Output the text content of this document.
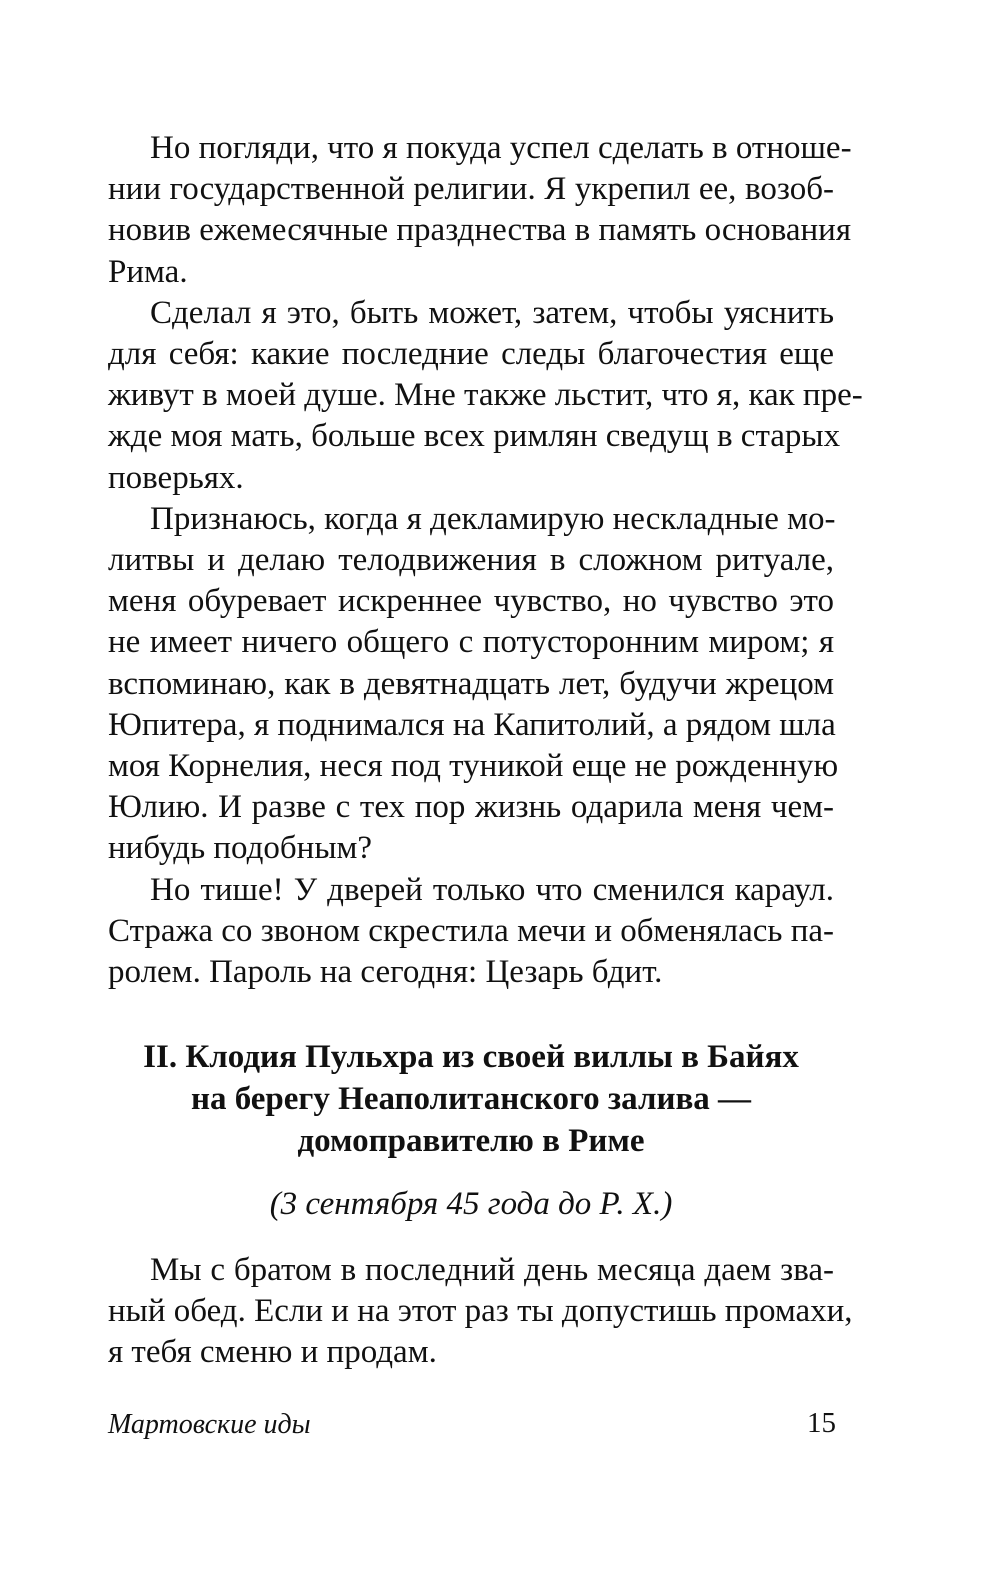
Но погляди, что я покуда успел сделать в отноше-
нии государственной религии. Я укрепил ее, возоб-
новив ежемесячные празднества в память основания
Рима.

Сделал я это, быть может, затем, чтобы уяснить
для себя: какие последние следы благочестия еще
живут в моей душе. Мне также льстит, что я, как пре-
жде моя мать, больше всех римлян сведущ в старых
поверьях.

Признаюсь, когда я декламирую нескладные мо-
литвы и делаю телодвижения в сложном ритуале,
меня обуревает искреннее чувство, но чувство это
не имеет ничего общего с потусторонним миром; я
вспоминаю, как в девятнадцать лет, будучи жрецом
Юпитера, я поднимался на Капитолий, а рядом шла
моя Корнелия, неся под туникой еще не рожденную
Юлию. И разве с тех пор жизнь одарила меня чем-
нибудь подобным?

Но тише! У дверей только что сменился караул.
Стража со звоном скрестила мечи и обменялась па-
ролем. Пароль на сегодня: Цезарь бдит.

II. Клодия Пульхра из своей виллы в Байях
на берегу Неаполитанского залива —
домоправителю в Риме

(3 сентября 45 года до Р. Х.)

Мы с братом в последний день месяца даем зва-
ный обед. Если и на этот раз ты допустишь промахи,
я тебя сменю и продам.

Мартовские иды	15
